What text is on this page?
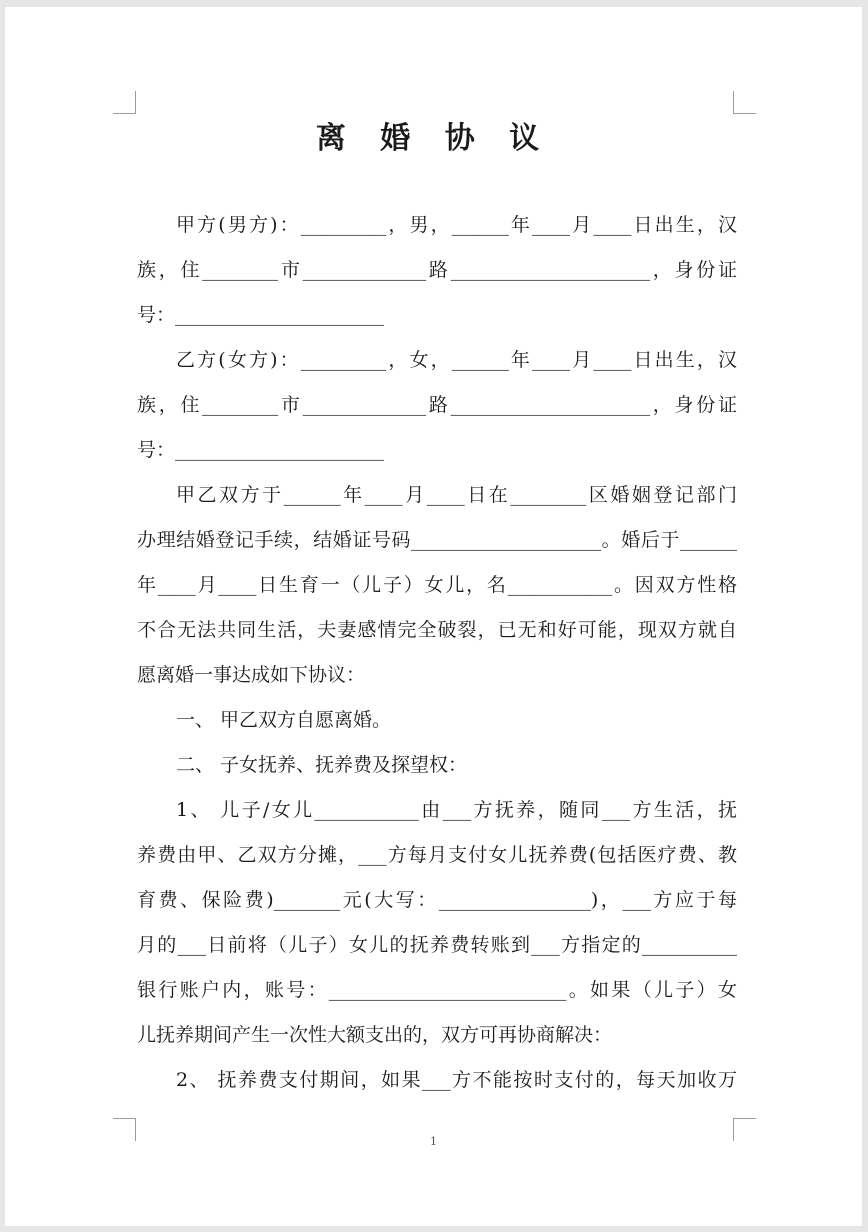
离 婚 协 议
甲方(男方)：_________，男，______年____月____日出生，汉
族，住________市_____________路_____________________，身份证
号：______________________
乙方(女方)：_________，女，______年____月____日出生，汉
族，住________市_____________路_____________________，身份证
号：______________________
甲乙双方于______年____月____日在________区婚姻登记部门
办理结婚登记手续，结婚证号码____________________。婚后于______
年____月____日生育一（儿子）女儿，名___________。因双方性格
不合无法共同生活，夫妻感情完全破裂，已无和好可能，现双方就自
愿离婚一事达成如下协议：
一、 甲乙双方自愿离婚。
二、 子女抚养、抚养费及探望权：
1、 儿子/女儿___________由___方抚养，随同___方生活，抚
养费由甲、乙双方分摊，___方每月支付女儿抚养费(包括医疗费、教
育费、保险费)_______元(大写：________________)，___方应于每
月的___日前将（儿子）女儿的抚养费转账到___方指定的__________
银行账户内，账号：_________________________。如果（儿子）女
儿抚养期间产生一次性大额支出的，双方可再协商解决：
2、 抚养费支付期间，如果___方不能按时支付的，每天加收万
1
